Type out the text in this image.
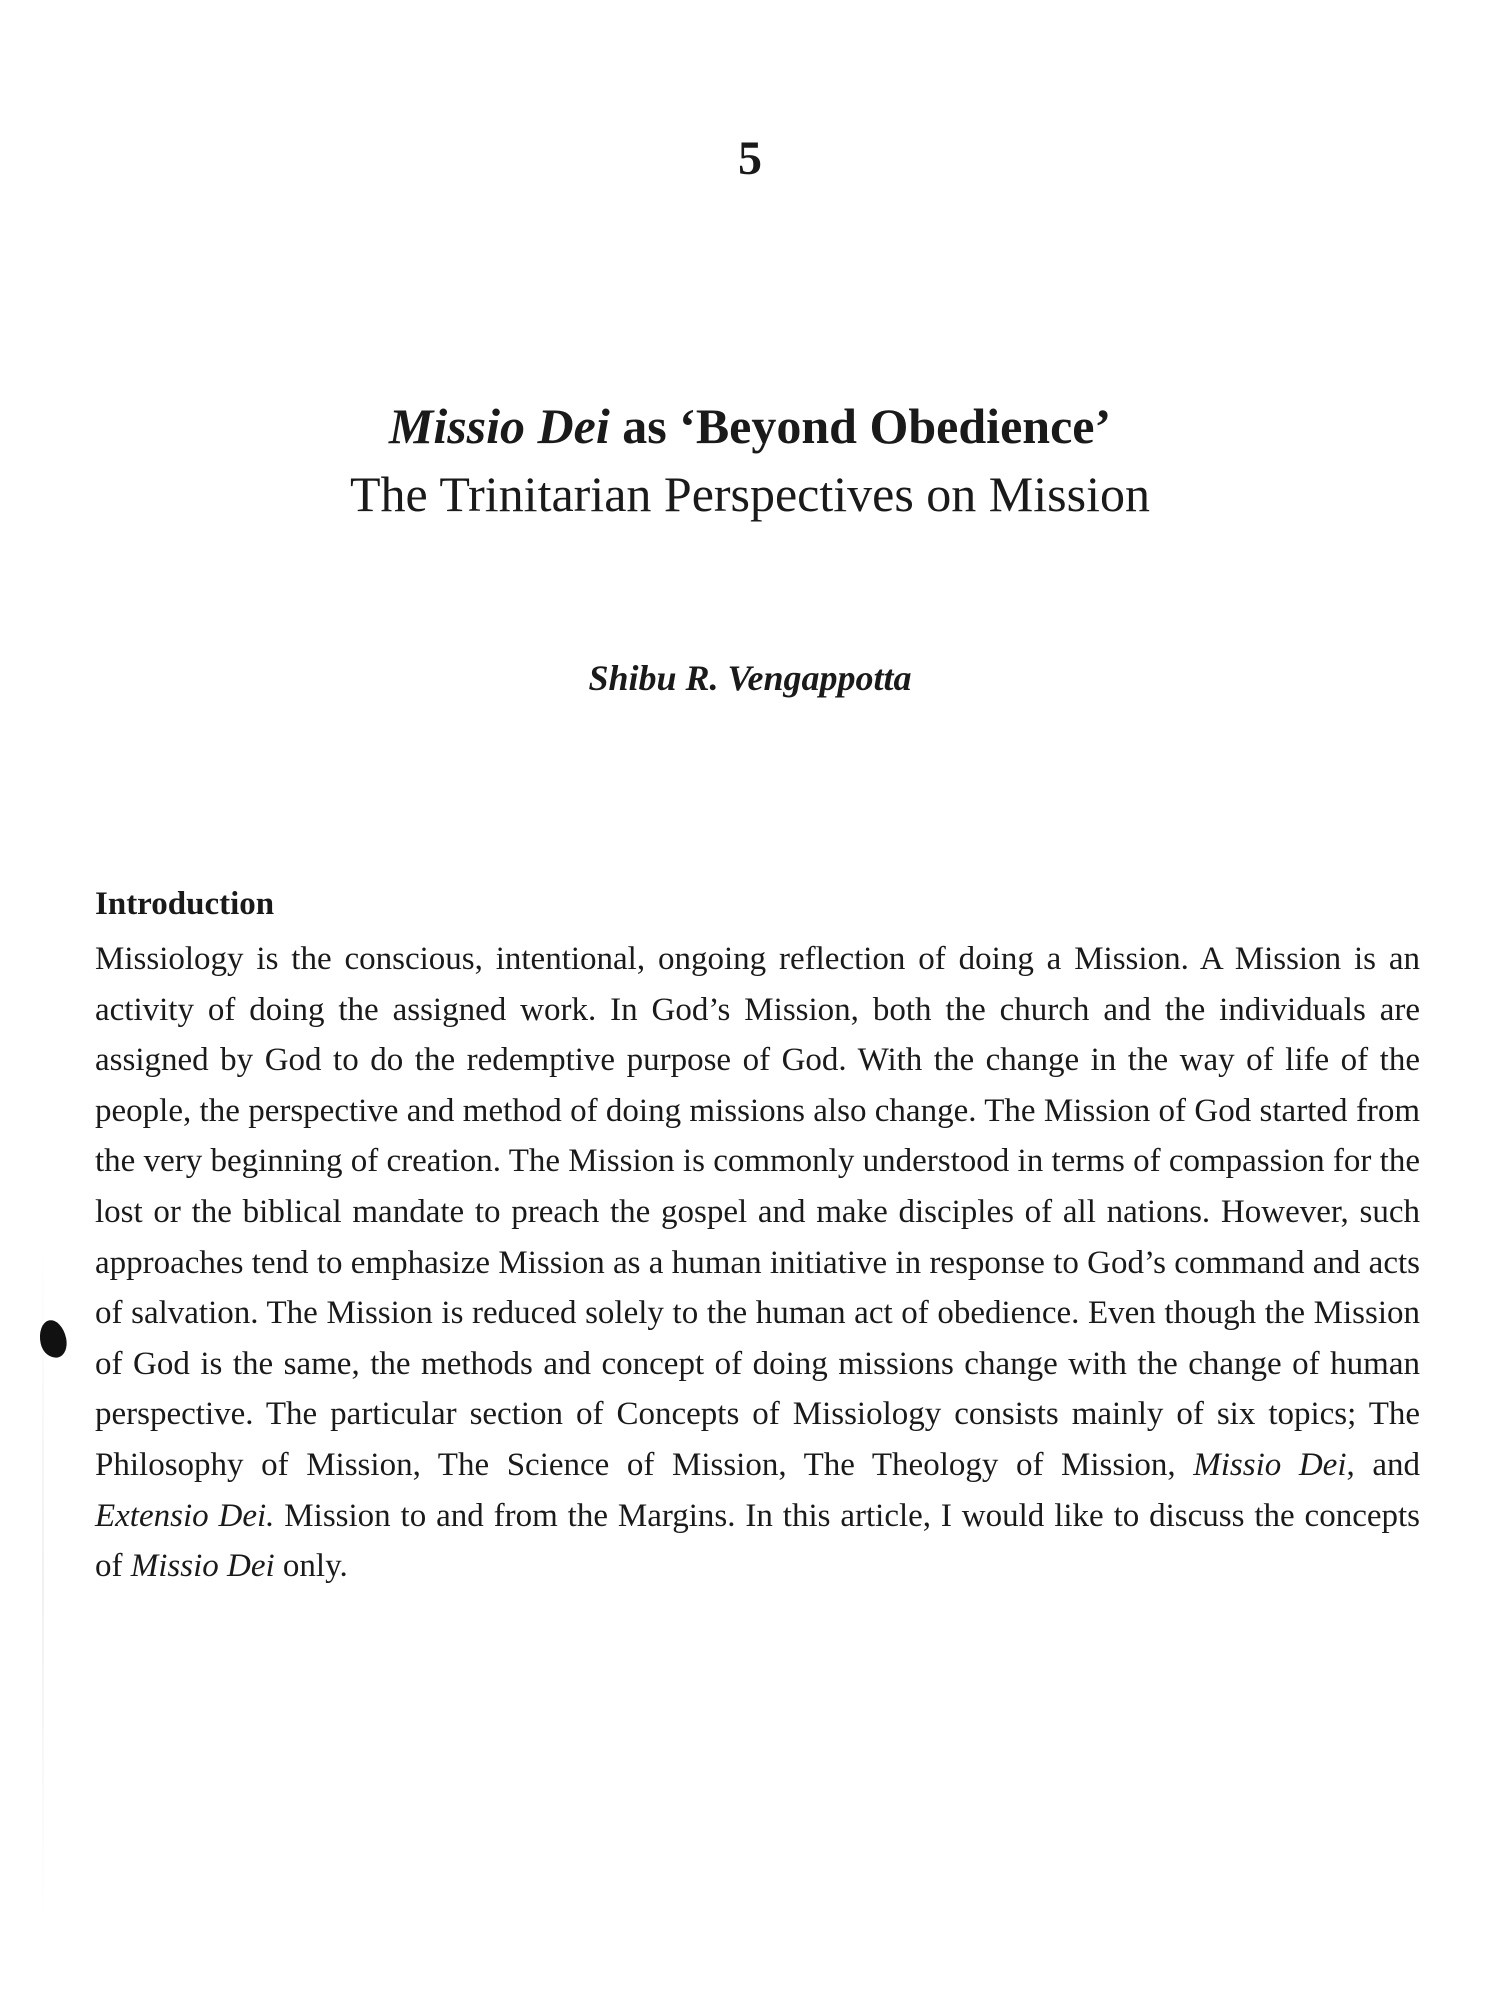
5
Missio Dei as ‘Beyond Obedience’
The Trinitarian Perspectives on Mission
Shibu R. Vengappotta
Introduction

Missiology is the conscious, intentional, ongoing reflection of doing a Mission. A Mission is an activity of doing the assigned work. In God’s Mission, both the church and the individuals are assigned by God to do the redemptive purpose of God. With the change in the way of life of the people, the perspective and method of doing missions also change. The Mission of God started from the very beginning of creation. The Mission is commonly understood in terms of compassion for the lost or the biblical mandate to preach the gospel and make disciples of all nations. However, such approaches tend to emphasize Mission as a human initiative in response to God’s command and acts of salvation. The Mission is reduced solely to the human act of obedience. Even though the Mission of God is the same, the methods and concept of doing missions change with the change of human perspective. The particular section of Concepts of Missiology consists mainly of six topics; The Philosophy of Mission, The Science of Mission, The Theology of Mission, Missio Dei, and Extensio Dei. Mission to and from the Margins. In this article, I would like to discuss the concepts of Missio Dei only.
